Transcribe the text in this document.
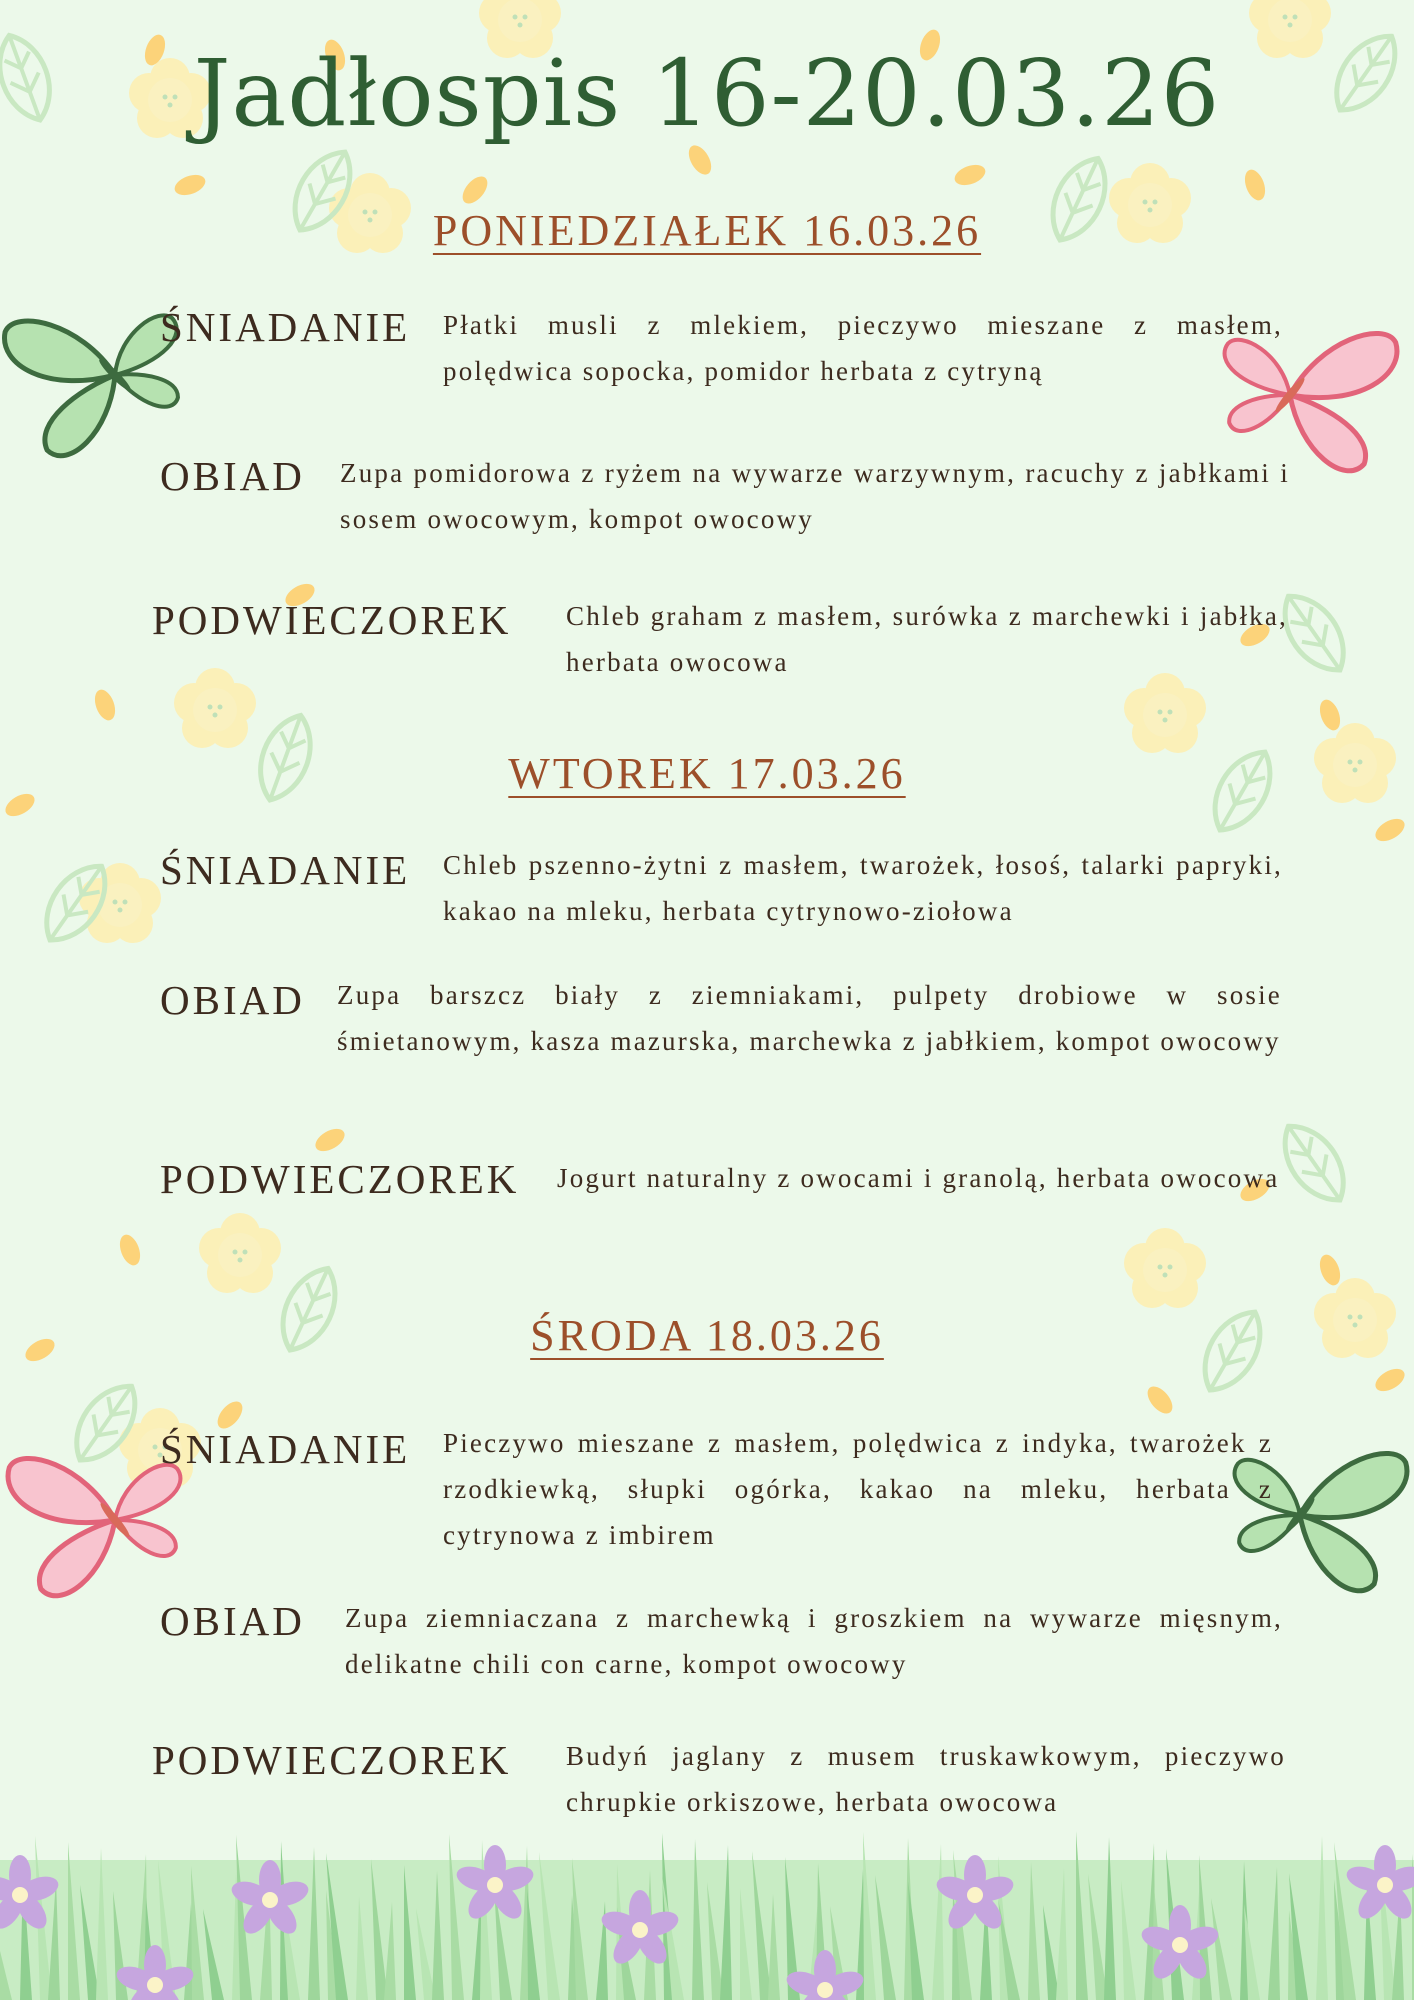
Jadłospis 16-20.03.26
PONIEDZIAŁEK 16.03.26
ŚNIADANIE Płatki musli z mlekiem, pieczywo mieszane z masłem, polędwica sopocka, pomidor herbata z cytryną
OBIAD Zupa pomidorowa z ryżem na wywarze warzywnym, racuchy z jabłkami i sosem owocowym, kompot owocowy
PODWIECZOREK Chleb graham z masłem, surówka z marchewki i jabłka, herbata owocowa
WTOREK 17.03.26
ŚNIADANIE Chleb pszenno-żytni z masłem, twarożek, łosoś, talarki papryki, kakao na mleku, herbata cytrynowo-ziołowa
OBIAD Zupa barszcz biały z ziemniakami, pulpety drobiowe w sosie śmietanowym, kasza mazurska, marchewka z jabłkiem, kompot owocowy
PODWIECZOREK Jogurt naturalny z owocami i granolą, herbata owocowa
ŚRODA 18.03.26
ŚNIADANIE Pieczywo mieszane z masłem, polędwica z indyka, twarożek z rzodkiewką, słupki ogórka, kakao na mleku, herbata z cytrynowa z imbirem
OBIAD Zupa ziemniaczana z marchewką i groszkiem na wywarze mięsnym, delikatne chili con carne, kompot owocowy
PODWIECZOREK Budyń jaglany z musem truskawkowym, pieczywo chrupkie orkiszowe, herbata owocowa
